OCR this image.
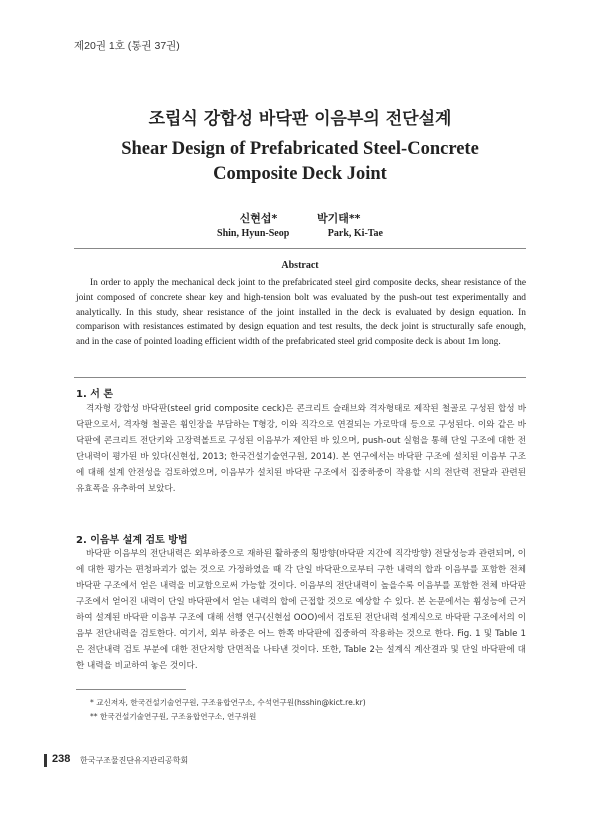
제20권 1호 (통권 37권)
조립식 강합성 바닥판 이음부의 전단설계
Shear Design of Prefabricated Steel-Concrete
Composite Deck Joint
신현섭*	박기태**
Shin, Hyun-Seop	Park, Ki-Tae
Abstract
In order to apply the mechanical deck joint to the prefabricated steel gird composite decks, shear resistance of the joint composed of concrete shear key and high-tension bolt was evaluated by the push-out test experimentally and analytically. In this study, shear resistance of the joint installed in the deck is evaluated by design equation. In comparison with resistances estimated by design equation and test results, the deck joint is structurally safe enough, and in the case of pointed loading efficient width of the prefabricated steel grid composite deck is about 1m long.
1. 서 론
격자형 강합성 바닥판(steel grid composite ceck)은 콘크리트 슬래브와 격자형태로 제작된 철골로 구성된 합성 바닥판으로서, 격자형 철골은 휨인장을 부담하는 T형강, 이와 직각으로 연결되는 가로막대 등으로 구성된다. 이와 같은 바닥판에 콘크리트 전단키와 고장력볼트로 구성된 이음부가 제안된 바 있으며, push-out 실험을 통해 단일 구조에 대한 전단내력이 평가된 바 있다(신현섭, 2013; 한국건설기술연구원, 2014). 본 연구에서는 바닥판 구조에 설치된 이음부 구조에 대해 설계 안전성을 검토하였으며, 이음부가 설치된 바닥판 구조에서 집중하중이 작용할 시의 전단력 전달과 관련된 유효폭을 유추하여 보았다.
2. 이음부 설계 검토 방법
바닥판 이음부의 전단내력은 외부하중으로 재하된 활하중의 횡방향(바닥판 지간에 직각방향) 전달성능과 관련되며, 이에 대한 평가는 편청파괴가 없는 것으로 가정하였을 때 각 단일 바닥판으로부터 구한 내력의 합과 이음부를 포함한 전체 바닥판 구조에서 얻은 내력을 비교함으로써 가능할 것이다. 이음부의 전단내력이 높을수록 이음부를 포함한 전체 바닥판 구조에서 얻어진 내력이 단일 바닥판에서 얻는 내력의 합에 근접할 것으로 예상할 수 있다. 본 논문에서는 휨성능에 근거하여 설계된 바닥판 이음부 구조에 대해 선행 연구(신현섭 OOO)에서 검토된 전단내력 설계식으로 바닥판 구조에서의 이음부 전단내력을 검토한다. 여기서, 외부 하중은 어느 한쪽 바닥판에 집중하여 작용하는 것으로 한다. Fig. 1 및 Table 1은 전단내력 검토 부분에 대한 전단저항 단면적을 나타낸 것이다. 또한, Table 2는 설계식 계산결과 및 단일 바닥판에 대한 내력을 비교하여 놓은 것이다.
* 교신저자, 한국건설기술연구원, 구조융합연구소, 수석연구원(hsshin@kict.re.kr)
** 한국건설기술연구원, 구조융합연구소, 연구위원
238 한국구조물진단유지관리공학회
